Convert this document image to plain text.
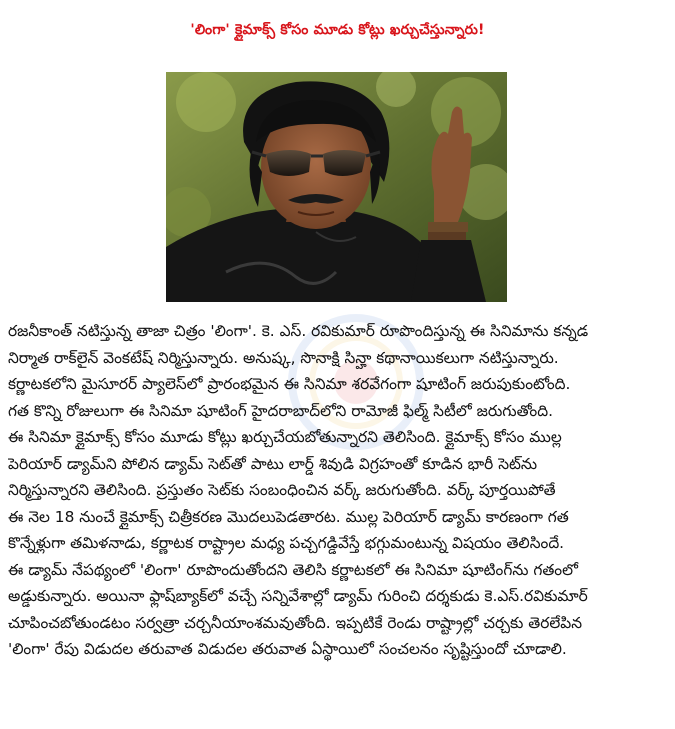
'లింగా' క్లైమాక్స్ కోసం మూడు కోట్లు ఖర్చుచేస్తున్నారు!
రజనీకాంత్ నటిస్తున్న తాజా చిత్రం 'లింగా'. కె. ఎస్. రవికుమార్ రూపొందిస్తున్న ఈ సినిమాను కన్నడ
నిర్మాత రాక్‌లైన్ వెంకటేష్ నిర్మిస్తున్నారు. అనుష్క, సొనాక్షి సిన్హా కథానాయికలుగా నటిస్తున్నారు.
కర్ణాటకలోని మైసూరర్ ప్యాలెస్‌లో ప్రారంభమైన ఈ సినిమా శరవేగంగా షూటింగ్ జరుపుకుంటోంది.
గత కొన్ని రోజులుగా ఈ సినిమా షూటింగ్ హైదరాబాద్‌లోని రామోజీ ఫిల్మ్ సిటీలో జరుగుతోంది.
ఈ సినిమా క్లైమాక్స్ కోసం మూడు కోట్లు ఖర్చుచేయబోతున్నారని తెలిసింది. క్లైమాక్స్ కోసం ముల్ల
పెరియార్ డ్యామ్‌ని పోలిన డ్యామ్ సెట్‌తో పాటు లార్డ్ శివుడి విగ్రహంతో కూడిన భారీ సెట్‌ను
నిర్మిస్తున్నారని తెలిసింది. ప్రస్తుతం సెట్‌కు సంబంధించిన వర్క్ జరుగుతోంది. వర్క్ పూర్తయిపోతే
ఈ నెల 18 నుంచే క్లైమాక్స్ చిత్రీకరణ మొదలుపెడతారట. ముల్ల పెరియార్ డ్యామ్ కారణంగా గత
కొన్నేళ్లుగా తమిళనాడు, కర్ణాటక రాష్ట్రాల మధ్య పచ్చగడ్డివేస్తే భగ్గుమంటున్న విషయం తెలిసిందే.
ఈ డ్యామ్ నేపథ్యంలో 'లింగా' రూపొందుతోందని తెలిసి కర్ణాటకలో ఈ సినిమా షూటింగ్‌ను గతంలో
అడ్డుకున్నారు. అయినా ఫ్లాష్‌బ్యాక్‌లో వచ్చే సన్నివేశాల్లో డ్యామ్ గురించి దర్శకుడు కె.ఎస్.రవికుమార్
చూపించబోతుండటం సర్వత్రా చర్చనీయాంశమవుతోంది. ఇప్పటికే రెండు రాష్ట్రాల్లో చర్చకు తెరలేపిన
'లింగా' రేపు విడుదల తరువాత విడుదల తరువాత ఏస్థాయిలో సంచలనం సృష్టిస్తుందో చూడాలి.
